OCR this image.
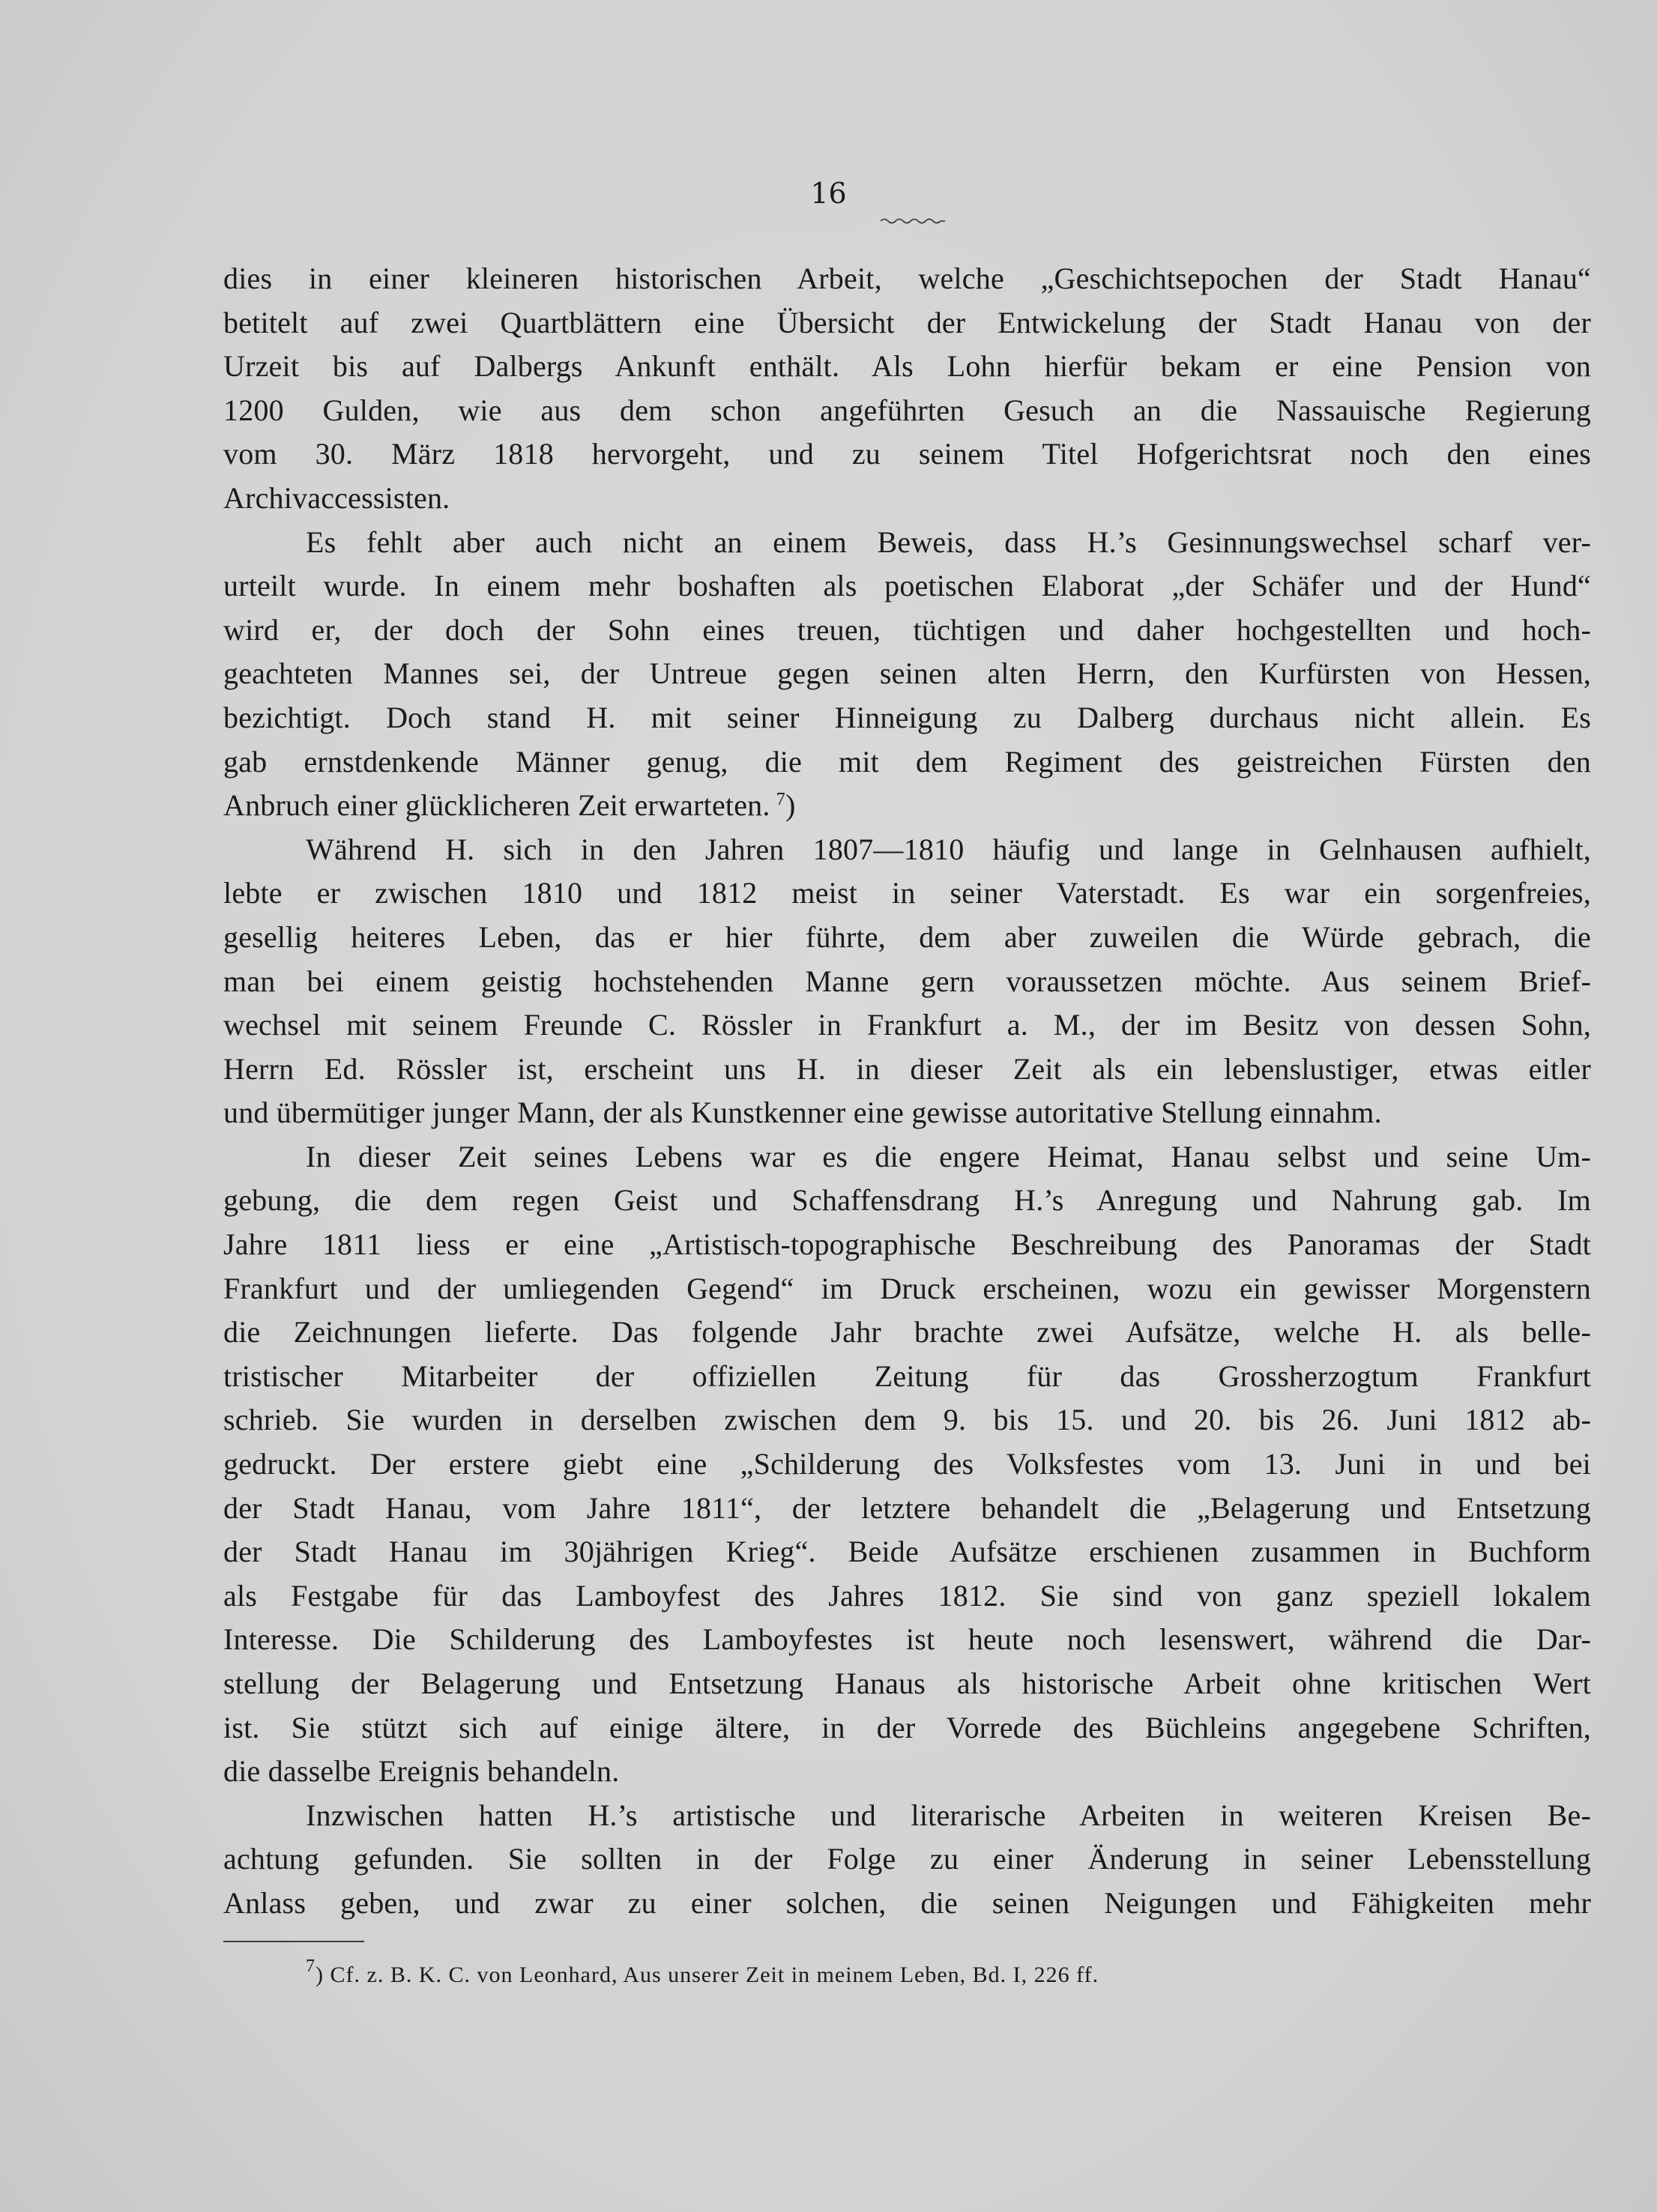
16
dies in einer kleineren historischen Arbeit, welche „Geschichtsepochen der Stadt Hanau“
betitelt auf zwei Quartblättern eine Übersicht der Entwickelung der Stadt Hanau von der
Urzeit bis auf Dalbergs Ankunft enthält. Als Lohn hierfür bekam er eine Pension von
1200 Gulden, wie aus dem schon angeführten Gesuch an die Nassauische Regierung
vom 30. März 1818 hervorgeht, und zu seinem Titel Hofgerichtsrat noch den eines
Archivaccessisten.
Es fehlt aber auch nicht an einem Beweis, dass H.’s Gesinnungswechsel scharf ver-
urteilt wurde. In einem mehr boshaften als poetischen Elaborat „der Schäfer und der Hund“
wird er, der doch der Sohn eines treuen, tüchtigen und daher hochgestellten und hoch-
geachteten Mannes sei, der Untreue gegen seinen alten Herrn, den Kurfürsten von Hessen,
bezichtigt. Doch stand H. mit seiner Hinneigung zu Dalberg durchaus nicht allein. Es
gab ernstdenkende Männer genug, die mit dem Regiment des geistreichen Fürsten den
Anbruch einer glücklicheren Zeit erwarteten.  $^7$)
Während H. sich in den Jahren 1807—1810 häufig und lange in Gelnhausen aufhielt,
lebte er zwischen 1810 und 1812 meist in seiner Vaterstadt. Es war ein sorgenfreies,
gesellig heiteres Leben, das er hier führte, dem aber zuweilen die Würde gebrach, die
man bei einem geistig hochstehenden Manne gern voraussetzen möchte. Aus seinem Brief-
wechsel mit seinem Freunde C. Rössler in Frankfurt a. M., der im Besitz von dessen Sohn,
Herrn Ed. Rössler ist, erscheint uns H. in dieser Zeit als ein lebenslustiger, etwas eitler
und übermütiger junger Mann, der als Kunstkenner eine gewisse autoritative Stellung einnahm.
In dieser Zeit seines Lebens war es die engere Heimat, Hanau selbst und seine Um-
gebung, die dem regen Geist und Schaffensdrang H.’s Anregung und Nahrung gab. Im
Jahre 1811 liess er eine „Artistisch-topographische Beschreibung des Panoramas der Stadt
Frankfurt und der umliegenden Gegend“ im Druck erscheinen, wozu ein gewisser Morgenstern
die Zeichnungen lieferte. Das folgende Jahr brachte zwei Aufsätze, welche H. als belle-
tristischer Mitarbeiter der offiziellen Zeitung für das Grossherzogtum Frankfurt
schrieb. Sie wurden in derselben zwischen dem 9. bis 15. und 20. bis 26. Juni 1812 ab-
gedruckt. Der erstere giebt eine „Schilderung des Volksfestes vom 13. Juni in und bei
der Stadt Hanau, vom Jahre 1811“, der letztere behandelt die „Belagerung und Entsetzung
der Stadt Hanau im 30jährigen Krieg“. Beide Aufsätze erschienen zusammen in Buchform
als Festgabe für das Lamboyfest des Jahres 1812. Sie sind von ganz speziell lokalem
Interesse. Die Schilderung des Lamboyfestes ist heute noch lesenswert, während die Dar-
stellung der Belagerung und Entsetzung Hanaus als historische Arbeit ohne kritischen Wert
ist. Sie stützt sich auf einige ältere, in der Vorrede des Büchleins angegebene Schriften,
die dasselbe Ereignis behandeln.
Inzwischen hatten H.’s artistische und literarische Arbeiten in weiteren Kreisen Be-
achtung gefunden. Sie sollten in der Folge zu einer Änderung in seiner Lebensstellung
Anlass geben, und zwar zu einer solchen, die seinen Neigungen und Fähigkeiten mehr
$^7$) Cf. z. B. K. C. von Leonhard, Aus unserer Zeit in meinem Leben, Bd. I, 226 ff.
